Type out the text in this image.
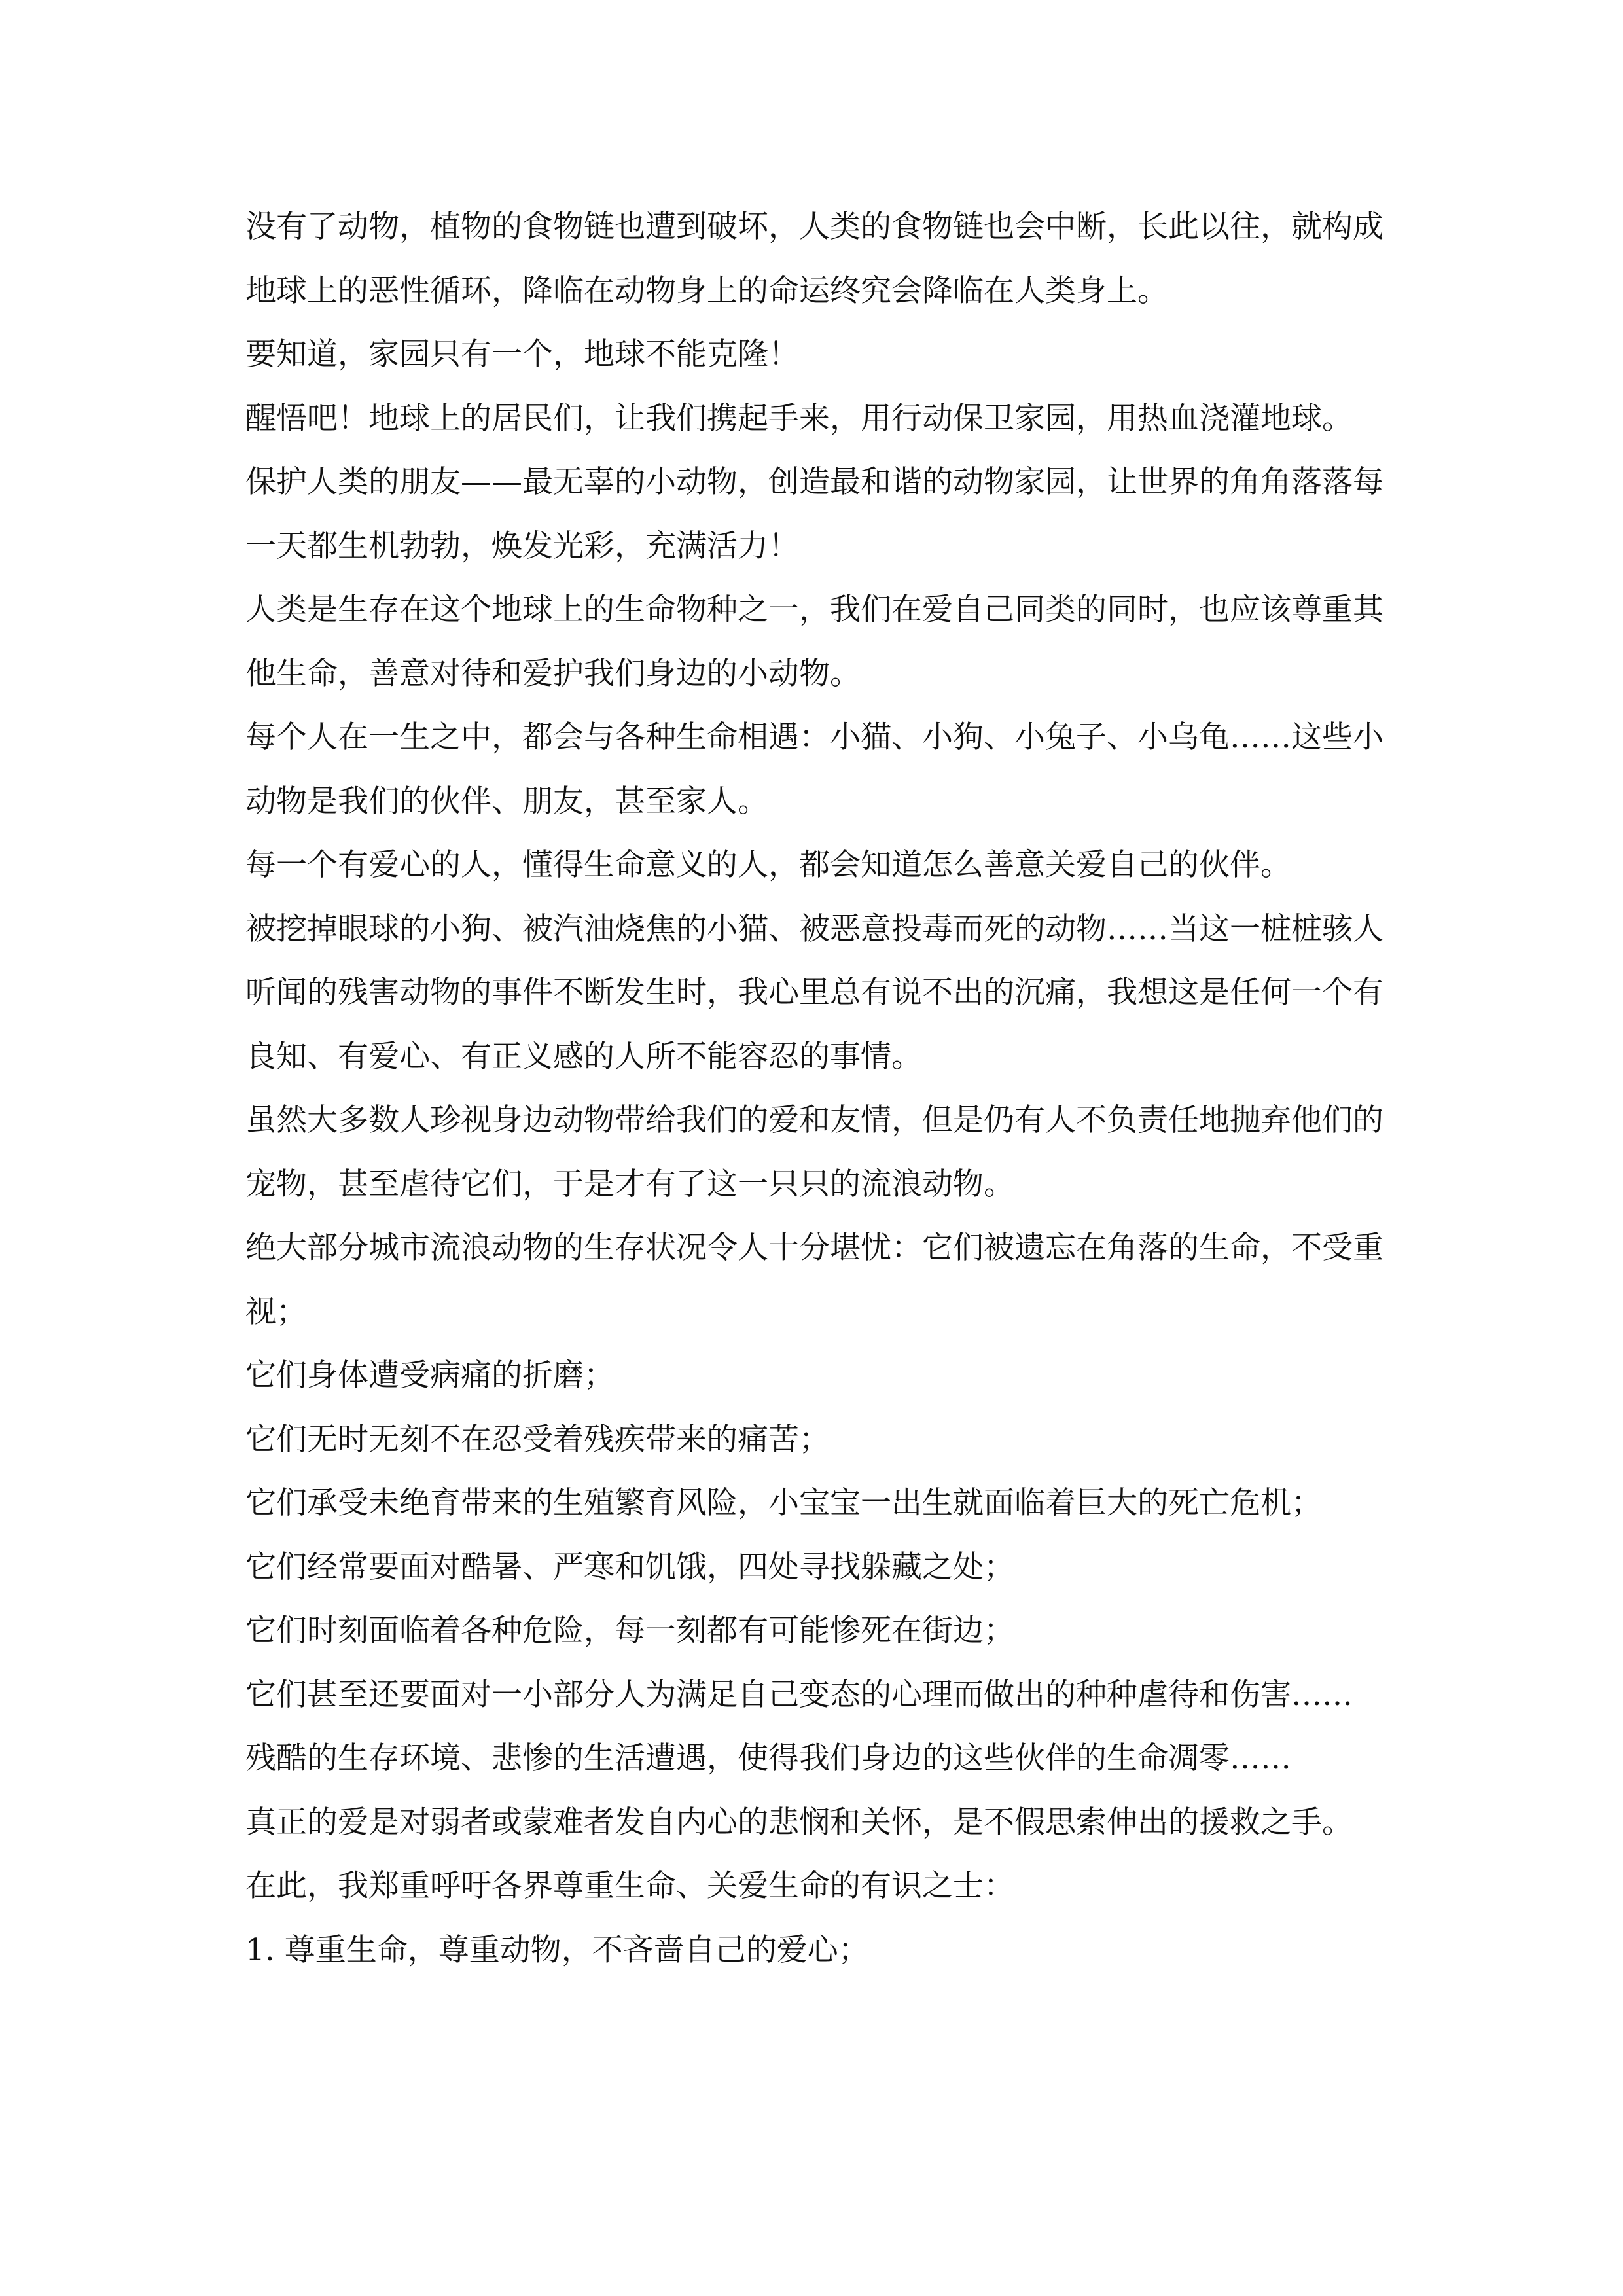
没有了动物，植物的食物链也遭到破坏，人类的食物链也会中断，长此以往，就构成地球上的恶性循环，降临在动物身上的命运终究会降临在人类身上。

要知道，家园只有一个，地球不能克隆！

醒悟吧！地球上的居民们，让我们携起手来，用行动保卫家园，用热血浇灌地球。

保护人类的朋友——最无辜的小动物，创造最和谐的动物家园，让世界的角角落落每一天都生机勃勃，焕发光彩，充满活力！

人类是生存在这个地球上的生命物种之一，我们在爱自己同类的同时，也应该尊重其他生命，善意对待和爱护我们身边的小动物。

每个人在一生之中，都会与各种生命相遇：小猫、小狗、小兔子、小乌龟……这些小动物是我们的伙伴、朋友，甚至家人。

每一个有爱心的人，懂得生命意义的人，都会知道怎么善意关爱自己的伙伴。

被挖掉眼球的小狗、被汽油烧焦的小猫、被恶意投毒而死的动物……当这一桩桩骇人听闻的残害动物的事件不断发生时，我心里总有说不出的沉痛，我想这是任何一个有良知、有爱心、有正义感的人所不能容忍的事情。

虽然大多数人珍视身边动物带给我们的爱和友情，但是仍有人不负责任地抛弃他们的宠物，甚至虐待它们，于是才有了这一只只的流浪动物。

绝大部分城市流浪动物的生存状况令人十分堪忧：它们被遗忘在角落的生命，不受重视；

它们身体遭受病痛的折磨；

它们无时无刻不在忍受着残疾带来的痛苦；

它们承受未绝育带来的生殖繁育风险，小宝宝一出生就面临着巨大的死亡危机；

它们经常要面对酷暑、严寒和饥饿，四处寻找躲藏之处；

它们时刻面临着各种危险，每一刻都有可能惨死在街边；

它们甚至还要面对一小部分人为满足自己变态的心理而做出的种种虐待和伤害……

残酷的生存环境、悲惨的生活遭遇，使得我们身边的这些伙伴的生命凋零……

真正的爱是对弱者或蒙难者发自内心的悲悯和关怀，是不假思索伸出的援救之手。

在此，我郑重呼吁各界尊重生命、关爱生命的有识之士：

1. 尊重生命，尊重动物，不吝啬自己的爱心；
